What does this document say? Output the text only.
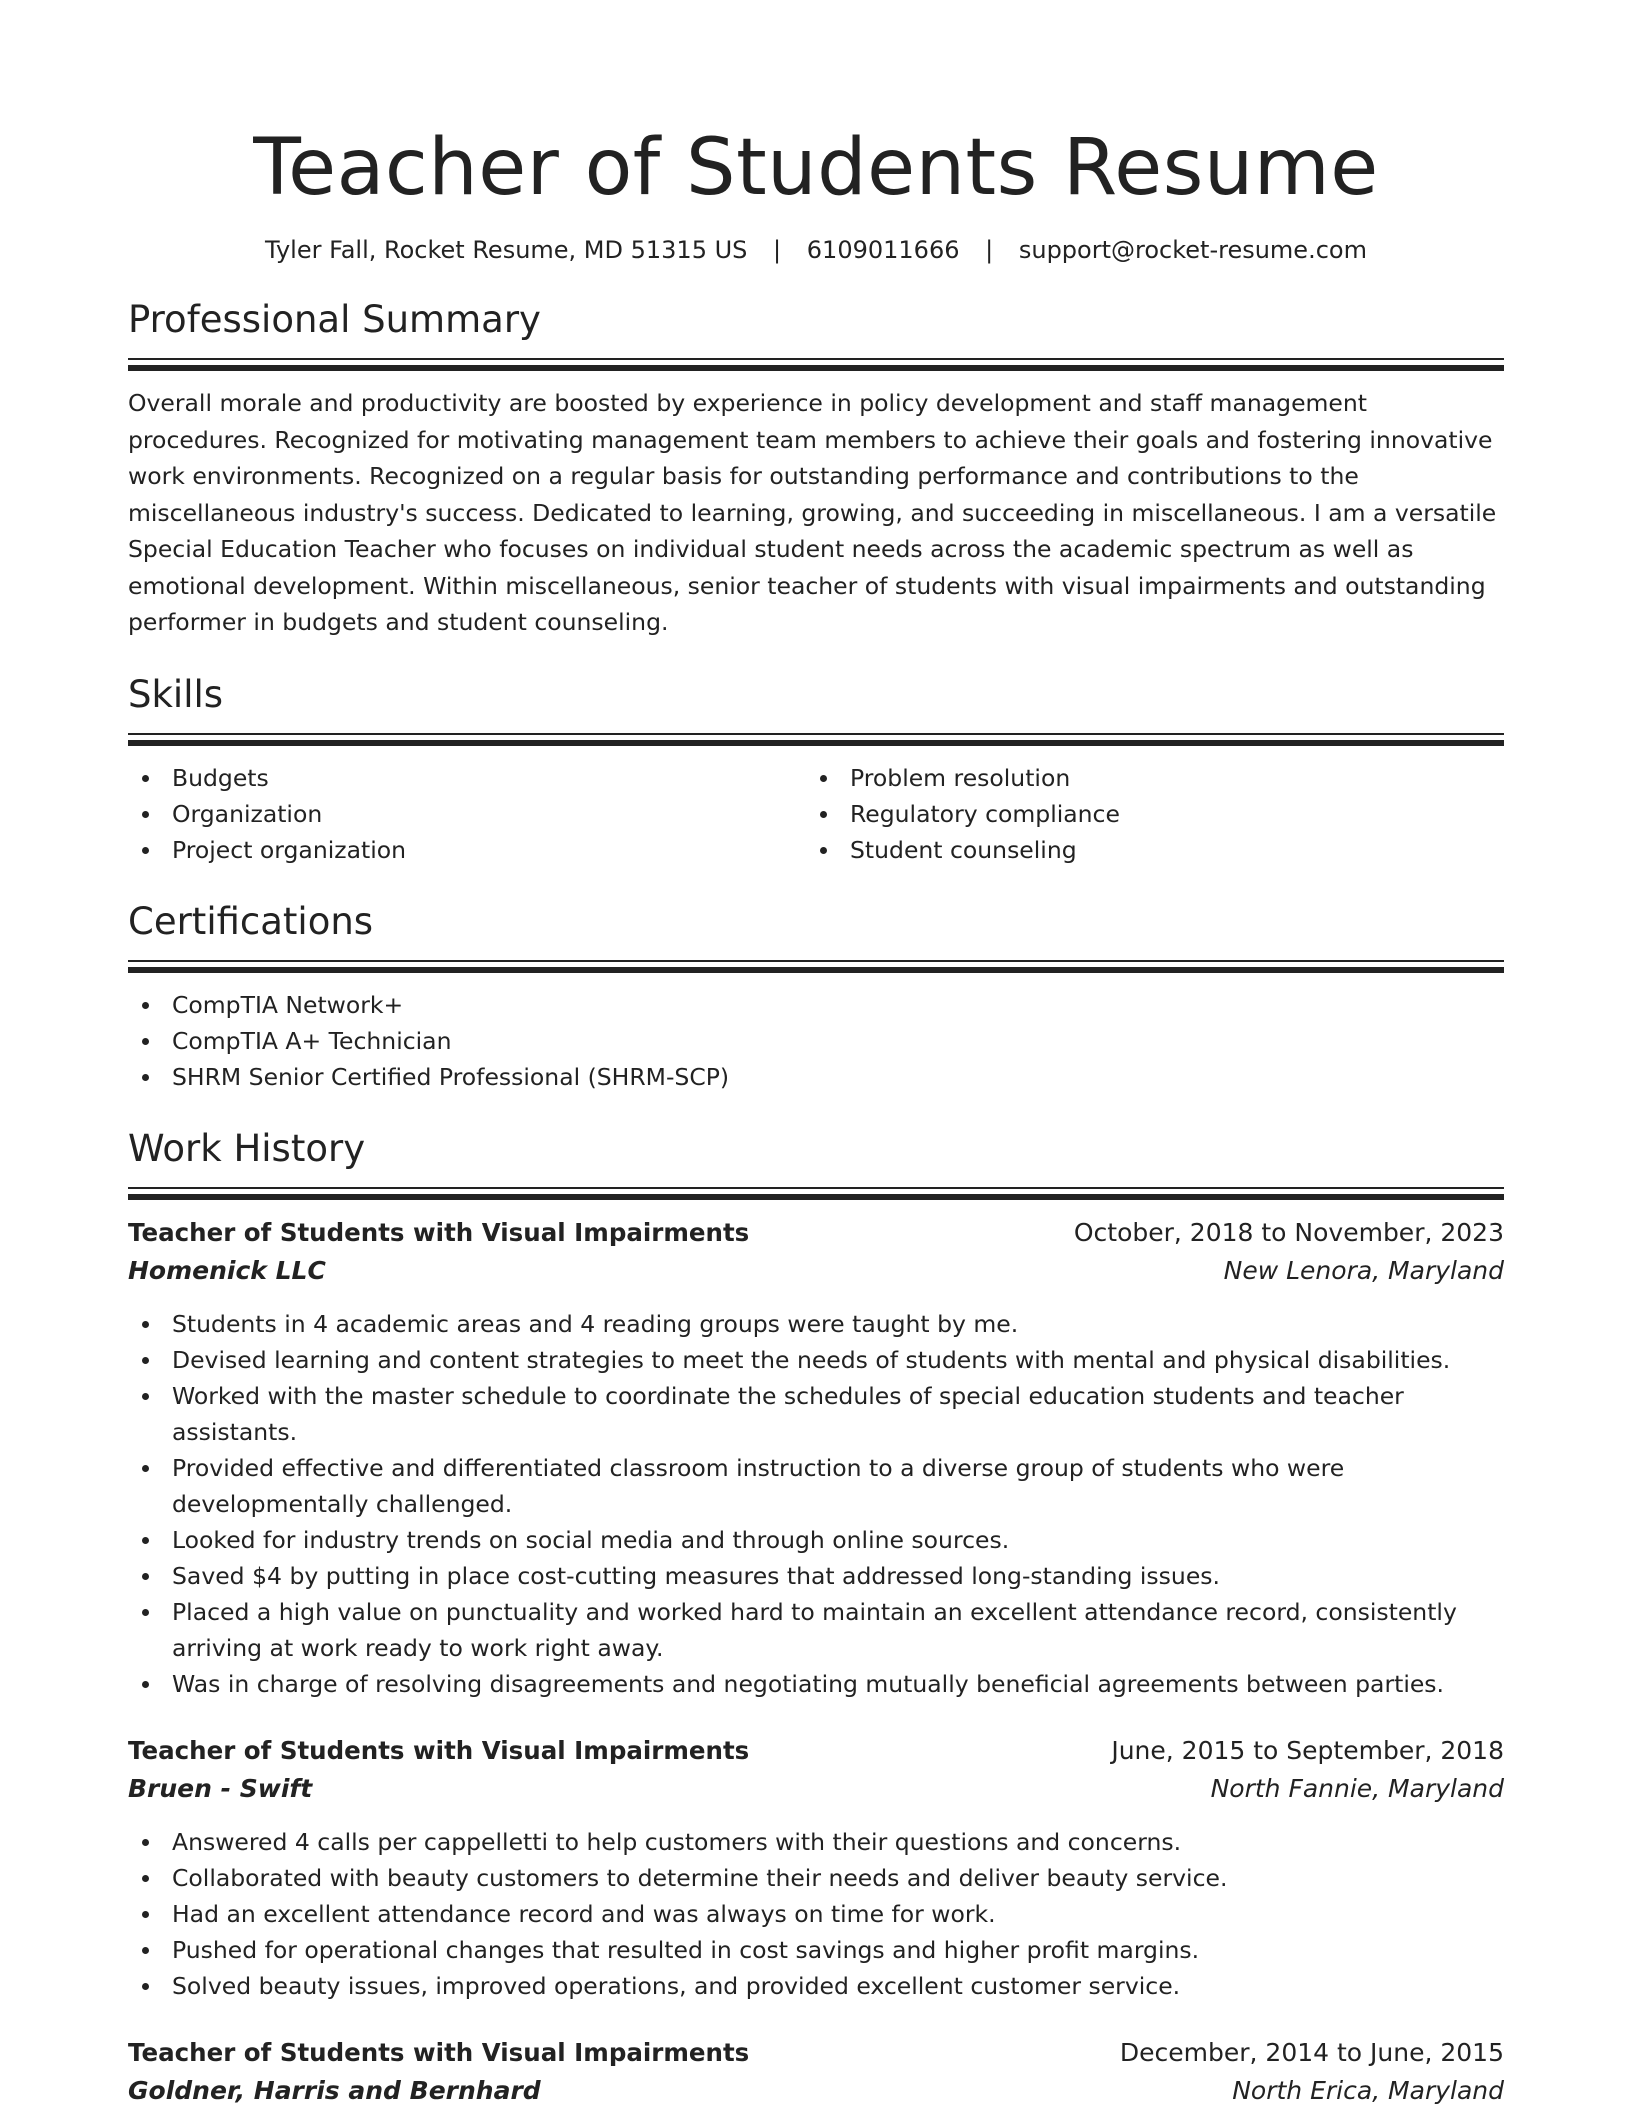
Teacher of Students Resume
Tyler Fall, Rocket Resume, MD 51315 US | 6109011666 | support@rocket-resume.com
Professional Summary

Overall morale and productivity are boosted by experience in policy development and staff management procedures. Recognized for motivating management team members to achieve their goals and fostering innovative work environments. Recognized on a regular basis for outstanding performance and contributions to the miscellaneous industry's success. Dedicated to learning, growing, and succeeding in miscellaneous. I am a versatile Special Education Teacher who focuses on individual student needs across the academic spectrum as well as emotional development. Within miscellaneous, senior teacher of students with visual impairments and outstanding performer in budgets and student counseling.

Skills
Budgets
Organization
Project organization
Problem resolution
Regulatory compliance
Student counseling
Certifications
CompTIA Network+
CompTIA A+ Technician
SHRM Senior Certified Professional (SHRM-SCP)
Work History
Teacher of Students with Visual Impairments	October, 2018 to November, 2023
Homenick LLC	New Lenora, Maryland
Students in 4 academic areas and 4 reading groups were taught by me.
Devised learning and content strategies to meet the needs of students with mental and physical disabilities.
Worked with the master schedule to coordinate the schedules of special education students and teacher assistants.
Provided effective and differentiated classroom instruction to a diverse group of students who were developmentally challenged.
Looked for industry trends on social media and through online sources.
Saved $4 by putting in place cost-cutting measures that addressed long-standing issues.
Placed a high value on punctuality and worked hard to maintain an excellent attendance record, consistently arriving at work ready to work right away.
Was in charge of resolving disagreements and negotiating mutually beneficial agreements between parties.
Teacher of Students with Visual Impairments	June, 2015 to September, 2018
Bruen - Swift	North Fannie, Maryland
Answered 4 calls per cappelletti to help customers with their questions and concerns.
Collaborated with beauty customers to determine their needs and deliver beauty service.
Had an excellent attendance record and was always on time for work.
Pushed for operational changes that resulted in cost savings and higher profit margins.
Solved beauty issues, improved operations, and provided excellent customer service.
Teacher of Students with Visual Impairments	December, 2014 to June, 2015
Goldner, Harris and Bernhard	North Erica, Maryland
